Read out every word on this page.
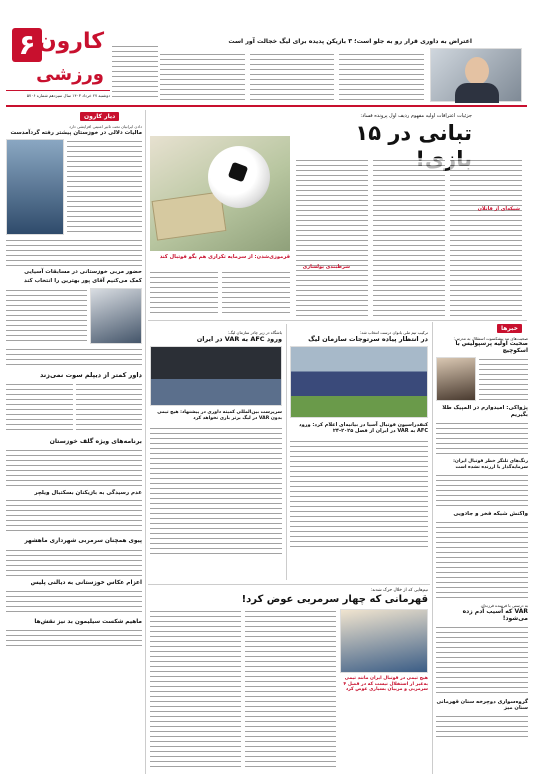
۶ کارون
ورزشی
دوشنبه ۲۷ خرداد ۱۴۰۳ سال سیزدهم شماره ۵۷۰۶
اعتراض به داوری قرار رو به جلو است؛ ۳ بازیکن پدیده برای لیگ خجالت آور است
دیار کارون
دادن ایرانیان تحت تاثیر امنیتی افزایشی دارد
مالیات دلالی در خوزستان پیشتر رفته گردآمدست
حضور مربی خوزستانی در مسابقات آسیایی
کمک می‌کنیم آقای پور بهترین را انتخاب کند
داور کمتر از دیپلم سوت نمی‌زند
برنامه‌های ویژه گلف خوزستان
عدم رسیدگی به بازیکنان بسکتبال ویلچر
پیوی همچنان سرمربی شهرداری ماهشهر
اعزام عکاس خوزستانی به دیالنی پلیس
ماهیم شکست سیلیمون بد نیز نقش‌ها
جزئیات اعترافات اولیه مفهوم ردیف اول پرونده فساد:
تبانی در ۱۵
قرموزی‌شدن: از سرمایه‌ تکراری هم بگو فوتبال کند
شرطبندی پولسازی
شبکه‌ای از قاتلان
خبرها
صحبت‌های تند پیشکسوت استقلال به مدرس:
صحبت اولیه پرسپولیس با اسکوچیچ
پژواکی: امیدوارم در المپیک طلا بگیریم
زنگ‌های تلنگر خطر فوتبال ایران: سرمایه‌گذار با ارزنده نشده است
واکنش شبکه فخر و جادویی
به درستی با فریبنده فرزندان
VAR که آسیب آدم زده می‌شود!
گروه‌سواری دوچرخه سنان قهرمانی سنان میز
ترکیب تیم ملی بانوان درست انتخاب شد:
در انتظار پیاده سرتوجات سازمان لیگ
کنفدراسیون فوتبال آسیا در بیانیه‌ای اعلام کرد: ورود AFC به VAR در ایران از فصل ۲۰۲۵-۲۴
باشگاه در زیر چادر سازمان لیگ:
ورود AFC به VAR در ایران
سرپرست بین‌المللی کمیته داوری در پیشنهاد: هیچ تیمی بدون VAR در لیگ برتر بازی نخواهد کرد
تیم‌هایی که از خلال حرک شدند:
قهرمانی که چهار سرمربی عوض کرد!
هیچ تیمی در فوتبال ایران مانند تیمی به‌غیر از استقلال نیست که در فصل ۴ سرمربی و مربیان بسیاری عوض کرد
